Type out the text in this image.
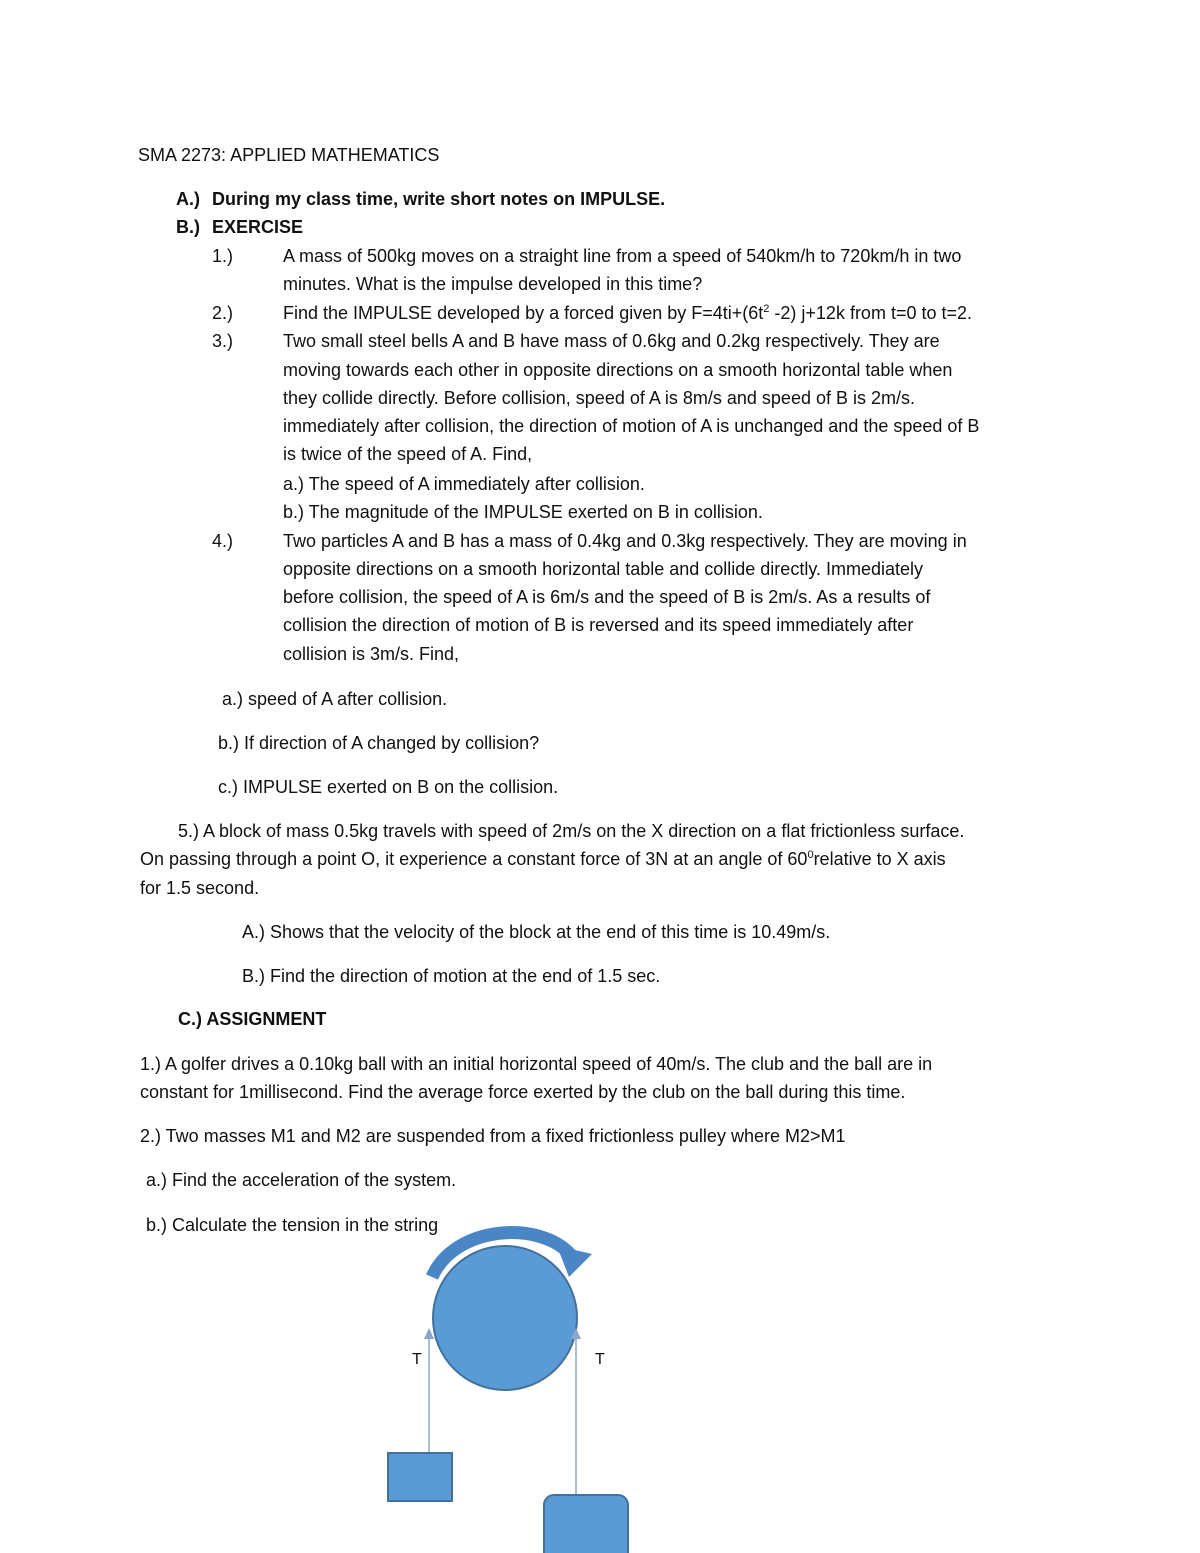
SMA 2273: APPLIED MATHEMATICS
A.) During my class time, write short notes on IMPULSE.
B.) EXERCISE
1.)	A mass of 500kg moves on a straight line from a speed of 540km/h to 720km/h in two
minutes. What is the impulse developed in this time?
2.)	Find the IMPULSE developed by a forced given by $F=4ti+(6t^2$ -2) j+12k from t=0 to t=2.
3.)	Two small steel bells A and B have mass of 0.6kg and 0.2kg respectively. They are
moving towards each other in opposite directions on a smooth horizontal table when
they collide directly. Before collision, speed of A is 8m/s and speed of B is 2m/s.
immediately after collision, the direction of motion of A is unchanged and the speed of B
is twice of the speed of A. Find,
a.) The speed of A immediately after collision.
b.) The magnitude of the IMPULSE exerted on B in collision.
4.)	Two particles A and B has a mass of 0.4kg and 0.3kg respectively. They are moving in
opposite directions on a smooth horizontal table and collide directly. Immediately
before collision, the speed of A is 6m/s and the speed of B is 2m/s. As a results of
collision the direction of motion of B is reversed and its speed immediately after
collision is 3m/s. Find,
a.) speed of A after collision.
b.) If direction of A changed by collision?
c.) IMPULSE exerted on B on the collision.
5.) A block of mass 0.5kg travels with speed of 2m/s on the X direction on a flat frictionless surface.
On passing through a point O, it experience a constant force of 3N at an angle of $60^0relative$ to X axis
for 1.5 second.
A.) Shows that the velocity of the block at the end of this time is 10.49m/s.
B.) Find the direction of motion at the end of 1.5 sec.
C.) ASSIGNMENT
1.) A golfer drives a 0.10kg ball with an initial horizontal speed of 40m/s. The club and the ball are in
constant for 1millisecond. Find the average force exerted by the club on the ball during this time.
2.) Two masses M1 and M2 are suspended from a fixed frictionless pulley where M2>M1
a.) Find the acceleration of the system.
b.) Calculate the tension in the string
T	T
